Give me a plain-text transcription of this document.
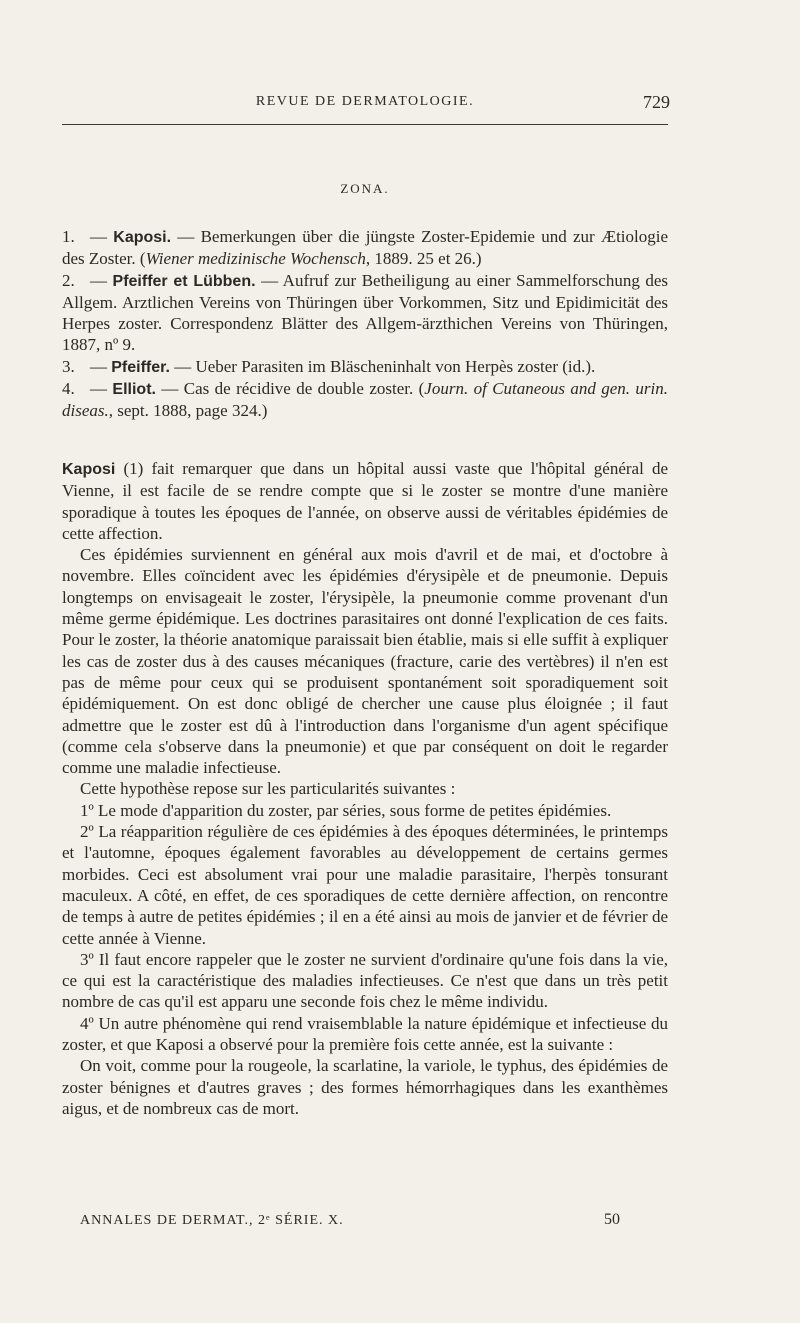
REVUE DE DERMATOLOGIE.	729
ZONA.

1. — Kaposi. — Bemerkungen über die jüngste Zoster-Epidemie und zur Ætiologie des Zoster. (Wiener medizinische Wochensch, 1889. 25 et 26.)

2. — Pfeiffer et Lübben. — Aufruf zur Betheiligung au einer Sammelforschung des Allgem. Arztlichen Vereins von Thüringen über Vorkommen, Sitz und Epidimicität des Herpes zoster. Correspondenz Blätter des Allgem-ärzthichen Vereins von Thüringen, 1887, nº 9.

3. — Pfeiffer. — Ueber Parasiten im Bläscheninhalt von Herpès zoster (id.).

4. — Elliot. — Cas de récidive de double zoster. (Journ. of Cutaneous and gen. urin. diseas., sept. 1888, page 324.)

Kaposi (1) fait remarquer que dans un hôpital aussi vaste que l'hôpital général de Vienne, il est facile de se rendre compte que si le zoster se montre d'une manière sporadique à toutes les époques de l'année, on observe aussi de véritables épidémies de cette affection.

Ces épidémies surviennent en général aux mois d'avril et de mai, et d'octobre à novembre. Elles coïncident avec les épidémies d'érysipèle et de pneumonie. Depuis longtemps on envisageait le zoster, l'érysipèle, la pneumonie comme provenant d'un même germe épidémique. Les doctrines parasitaires ont donné l'explication de ces faits. Pour le zoster, la théorie anatomique paraissait bien établie, mais si elle suffit à expliquer les cas de zoster dus à des causes mécaniques (fracture, carie des vertèbres) il n'en est pas de même pour ceux qui se produisent spontanément soit sporadiquement soit épidémiquement. On est donc obligé de chercher une cause plus éloignée ; il faut admettre que le zoster est dû à l'introduction dans l'organisme d'un agent spécifique (comme cela s'observe dans la pneumonie) et que par conséquent on doit le regarder comme une maladie infectieuse.

Cette hypothèse repose sur les particularités suivantes :

1º Le mode d'apparition du zoster, par séries, sous forme de petites épidémies.

2º La réapparition régulière de ces épidémies à des époques déterminées, le printemps et l'automne, époques également favorables au développement de certains germes morbides. Ceci est absolument vrai pour une maladie parasitaire, l'herpès tonsurant maculeux. A côté, en effet, de ces sporadiques de cette dernière affection, on rencontre de temps à autre de petites épidémies ; il en a été ainsi au mois de janvier et de février de cette année à Vienne.

3º Il faut encore rappeler que le zoster ne survient d'ordinaire qu'une fois dans la vie, ce qui est la caractéristique des maladies infectieuses. Ce n'est que dans un très petit nombre de cas qu'il est apparu une seconde fois chez le même individu.

4º Un autre phénomène qui rend vraisemblable la nature épidémique et infectieuse du zoster, et que Kaposi a observé pour la première fois cette année, est la suivante :

On voit, comme pour la rougeole, la scarlatine, la variole, le typhus, des épidémies de zoster bénignes et d'autres graves ; des formes hémorrhagiques dans les exanthèmes aigus, et de nombreux cas de mort.

ANNALES DE DERMAT., 2ᵉ SÉRIE. X.	50
